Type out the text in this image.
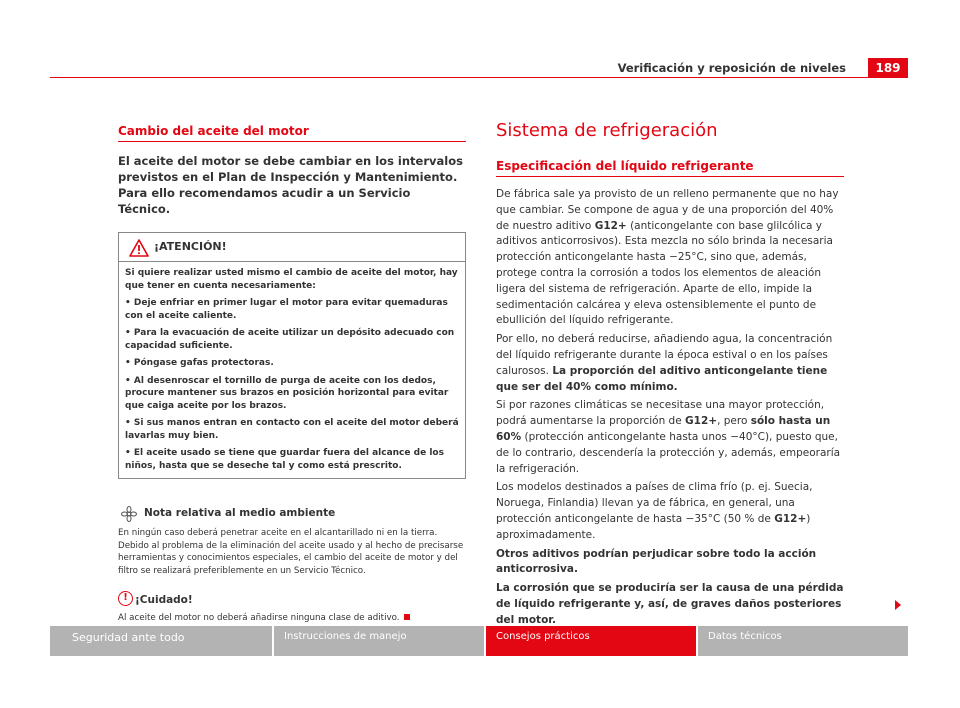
Verificación y reposición de niveles	189
Cambio del aceite del motor
El aceite del motor se debe cambiar en los intervalos previstos en el Plan de Inspección y Mantenimiento. Para ello recomendamos acudir a un Servicio Técnico.
¡ATENCIÓN!

Si quiere realizar usted mismo el cambio de aceite del motor, hay que tener en cuenta necesariamente:

• Deje enfriar en primer lugar el motor para evitar quemaduras con el aceite caliente.

• Para la evacuación de aceite utilizar un depósito adecuado con capacidad suficiente.

• Póngase gafas protectoras.

• Al desenroscar el tornillo de purga de aceite con los dedos, procure mantener sus brazos en posición horizontal para evitar que caiga aceite por los brazos.

• Si sus manos entran en contacto con el aceite del motor deberá lavarlas muy bien.

• El aceite usado se tiene que guardar fuera del alcance de los niños, hasta que se deseche tal y como está prescrito.

Nota relativa al medio ambiente
En ningún caso deberá penetrar aceite en el alcantarillado ni en la tierra. Debido al problema de la eliminación del aceite usado y al hecho de precisarse herramientas y conocimientos especiales, el cambio del aceite de motor y del filtro se realizará preferiblemente en un Servicio Técnico.
! ¡Cuidado!
Al aceite del motor no deberá añadirse ninguna clase de aditivo.
Sistema de refrigeración
Especificación del líquido refrigerante

De fábrica sale ya provisto de un relleno permanente que no hay que cambiar. Se compone de agua y de una proporción del 40% de nuestro aditivo G12+ (anticongelante con base glilcólica y aditivos anticorrosivos). Esta mezcla no sólo brinda la necesaria protección anticongelante hasta −25°C, sino que, además, protege contra la corrosión a todos los elementos de aleación ligera del sistema de refrigeración. Aparte de ello, impide la sedimentación calcárea y eleva ostensiblemente el punto de ebullición del líquido refrigerante.

Por ello, no deberá reducirse, añadiendo agua, la concentración del líquido refrigerante durante la época estival o en los países calurosos. La proporción del aditivo anticongelante tiene que ser del 40% como mínimo.

Si por razones climáticas se necesitase una mayor protección, podrá aumentarse la proporción de G12+, pero sólo hasta un 60% (protección anticongelante hasta unos −40°C), puesto que, de lo contrario, descendería la protección y, además, empeoraría la refrigeración.

Los modelos destinados a países de clima frío (p. ej. Suecia, Noruega, Finlandia) llevan ya de fábrica, en general, una protección anticongelante de hasta −35°C (50 % de G12+) aproximadamente.

Otros aditivos podrían perjudicar sobre todo la acción anticorrosiva.

La corrosión que se produciría ser la causa de una pérdida de líquido refrigerante y, así, de graves daños posteriores del motor.

Seguridad ante todo	Instrucciones de manejo	Consejos prácticos	Datos técnicos
